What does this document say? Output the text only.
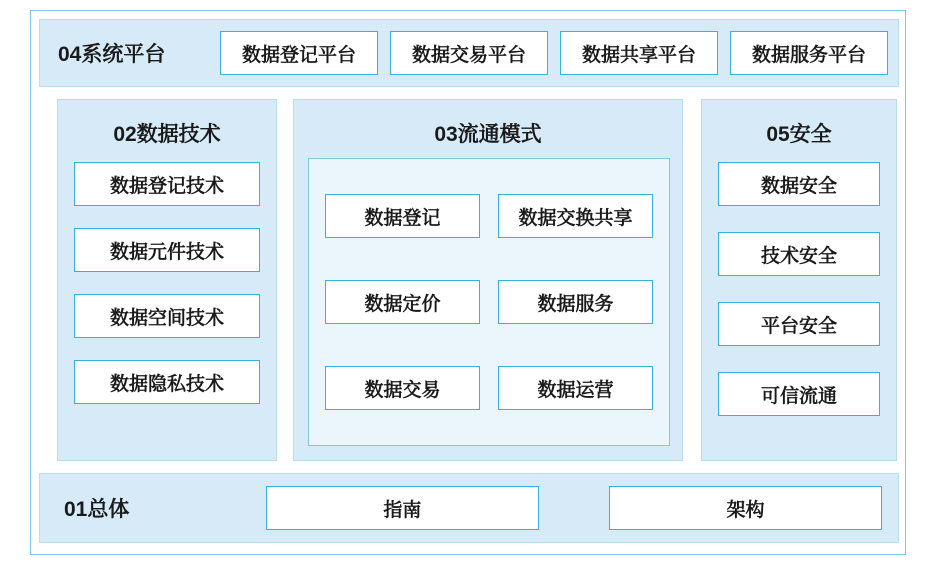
04系统平台	数据登记平台	数据交易平台	数据共享平台	数据服务平台
02数据技术
数据登记技术
数据元件技术
数据空间技术
数据隐私技术
03流通模式
数据登记	数据交换共享
数据定价	数据服务
数据交易	数据运营
05安全
数据安全
技术安全
平台安全
可信流通
01总体	指南	架构
